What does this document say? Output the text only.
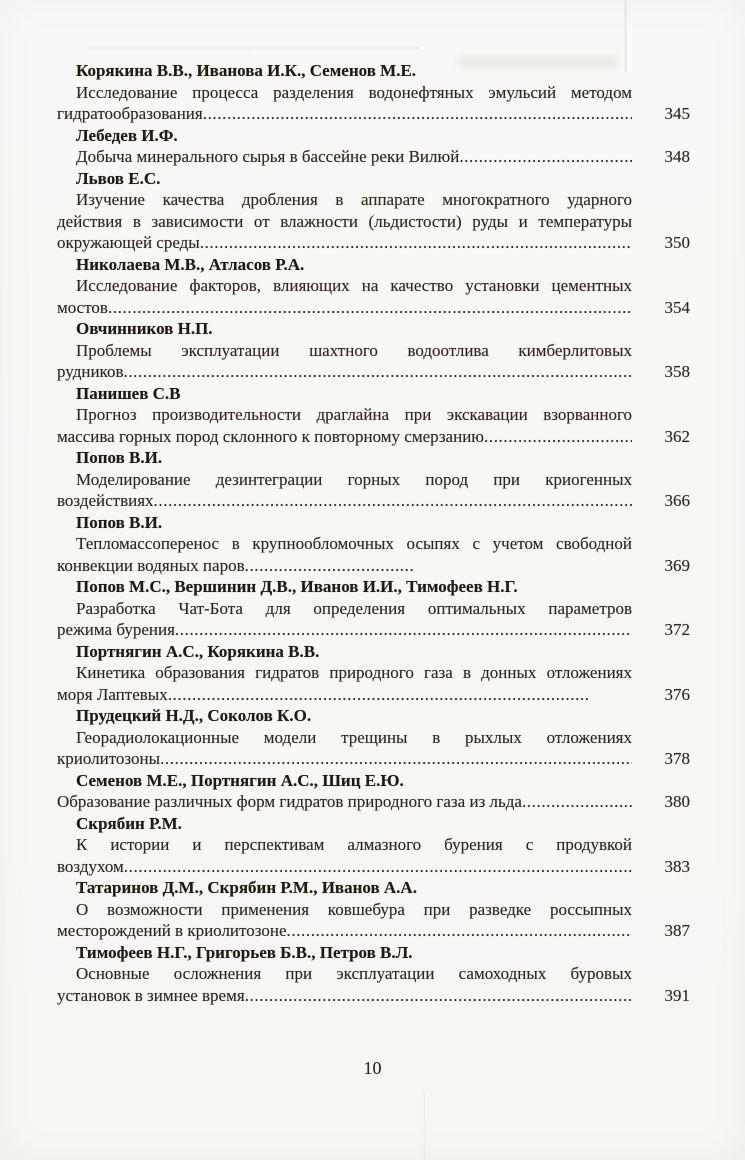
Корякина В.В., Иванова И.К., Семенов М.Е.
Исследование процесса разделения водонефтяных эмульсий методом
гидратообразования .....	345
Лебедев И.Ф.
Добыча минерального сырья в бассейне реки Вилюй .....	348
Львов Е.С.
Изучение качества дробления в аппарате многократного ударного
действия в зависимости от влажности (льдистости) руды и температуры
окружающей среды .....	350
Николаева М.В., Атласов Р.А.
Исследование факторов, влияющих на качество установки цементных
мостов .....	354
Овчинников Н.П.
Проблемы эксплуатации шахтного водоотлива кимберлитовых
рудников .....	358
Панишев С.В
Прогноз производительности драглайна при экскавации взорванного
массива горных пород склонного к повторному смерзанию .....	362
Попов В.И.
Моделирование дезинтеграции горных пород при криогенных
воздействиях .....	366
Попов В.И.
Тепломассоперенос в крупнообломочных осыпях с учетом свободной
конвекции водяных паров .....	369
Попов М.С., Вершинин Д.В., Иванов И.И., Тимофеев Н.Г.
Разработка Чат-Бота для определения оптимальных параметров
режима бурения .....	372
Портнягин А.С., Корякина В.В.
Кинетика образования гидратов природного газа в донных отложениях
моря Лаптевых .....	376
Прудецкий Н.Д., Соколов К.О.
Георадиолокационные модели трещины в рыхлых отложениях
криолитозоны .....	378
Семенов М.Е., Портнягин А.С., Шиц Е.Ю.
Образование различных форм гидратов природного газа из льда .....	380
Скрябин Р.М.
К истории и перспективам алмазного бурения с продувкой
воздухом .....	383
Татаринов Д.М., Скрябин Р.М., Иванов А.А.
О возможности применения ковшебура при разведке россыпных
месторождений в криолитозоне .....	387
Тимофеев Н.Г., Григорьев Б.В., Петров В.Л.
Основные осложнения при эксплуатации самоходных буровых
установок в зимнее время .....	391
10
